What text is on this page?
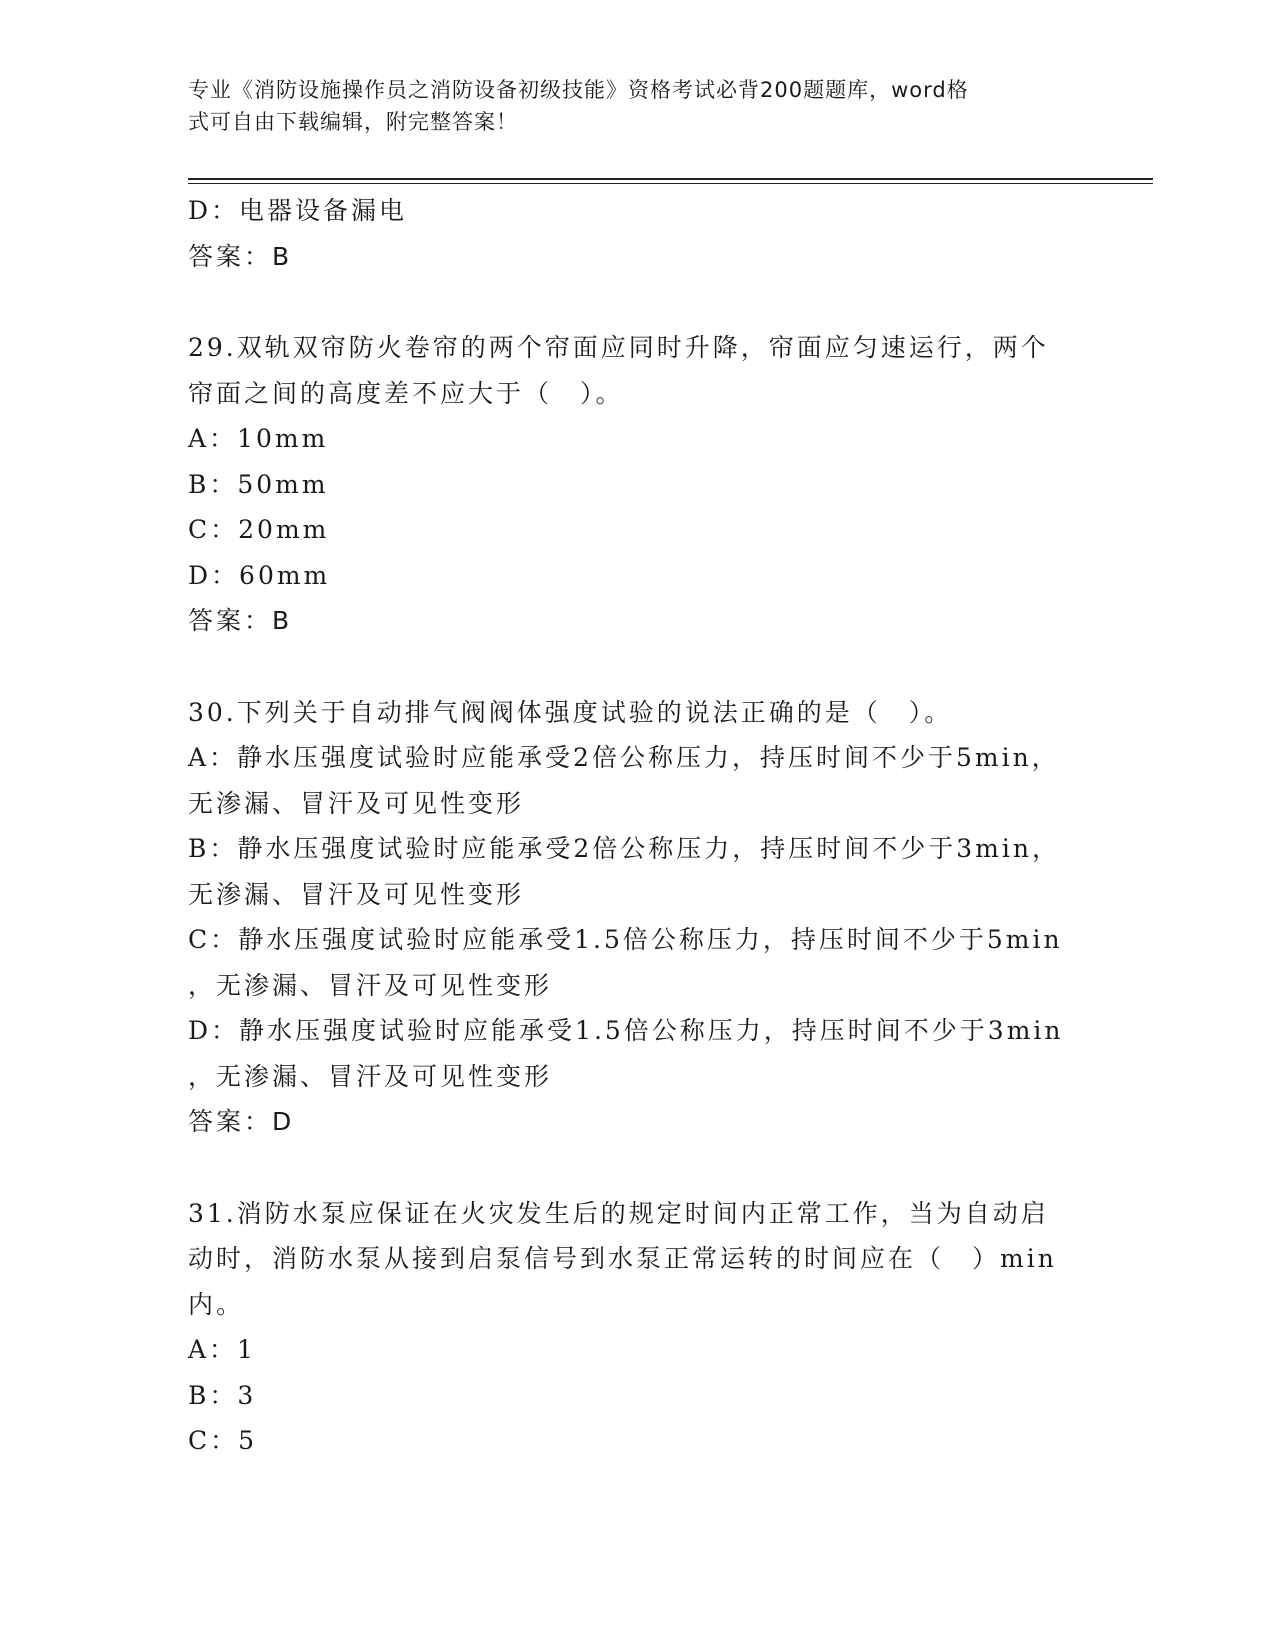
专业《消防设施操作员之消防设备初级技能》资格考试必背200题题库，word格
式可自由下载编辑，附完整答案！
D：电器设备漏电
答案：B
29.双轨双帘防火卷帘的两个帘面应同时升降，帘面应匀速运行，两个
帘面之间的高度差不应大于（　）。
A：10mm
B：50mm
C：20mm
D：60mm
答案：B
30.下列关于自动排气阀阀体强度试验的说法正确的是（　）。
A：静水压强度试验时应能承受2倍公称压力，持压时间不少于5min，
无渗漏、冒汗及可见性变形
B：静水压强度试验时应能承受2倍公称压力，持压时间不少于3min，
无渗漏、冒汗及可见性变形
C：静水压强度试验时应能承受1.5倍公称压力，持压时间不少于5min
，无渗漏、冒汗及可见性变形
D：静水压强度试验时应能承受1.5倍公称压力，持压时间不少于3min
，无渗漏、冒汗及可见性变形
答案：D
31.消防水泵应保证在火灾发生后的规定时间内正常工作，当为自动启
动时，消防水泵从接到启泵信号到水泵正常运转的时间应在（　）min
内。
A：1
B：3
C：5
